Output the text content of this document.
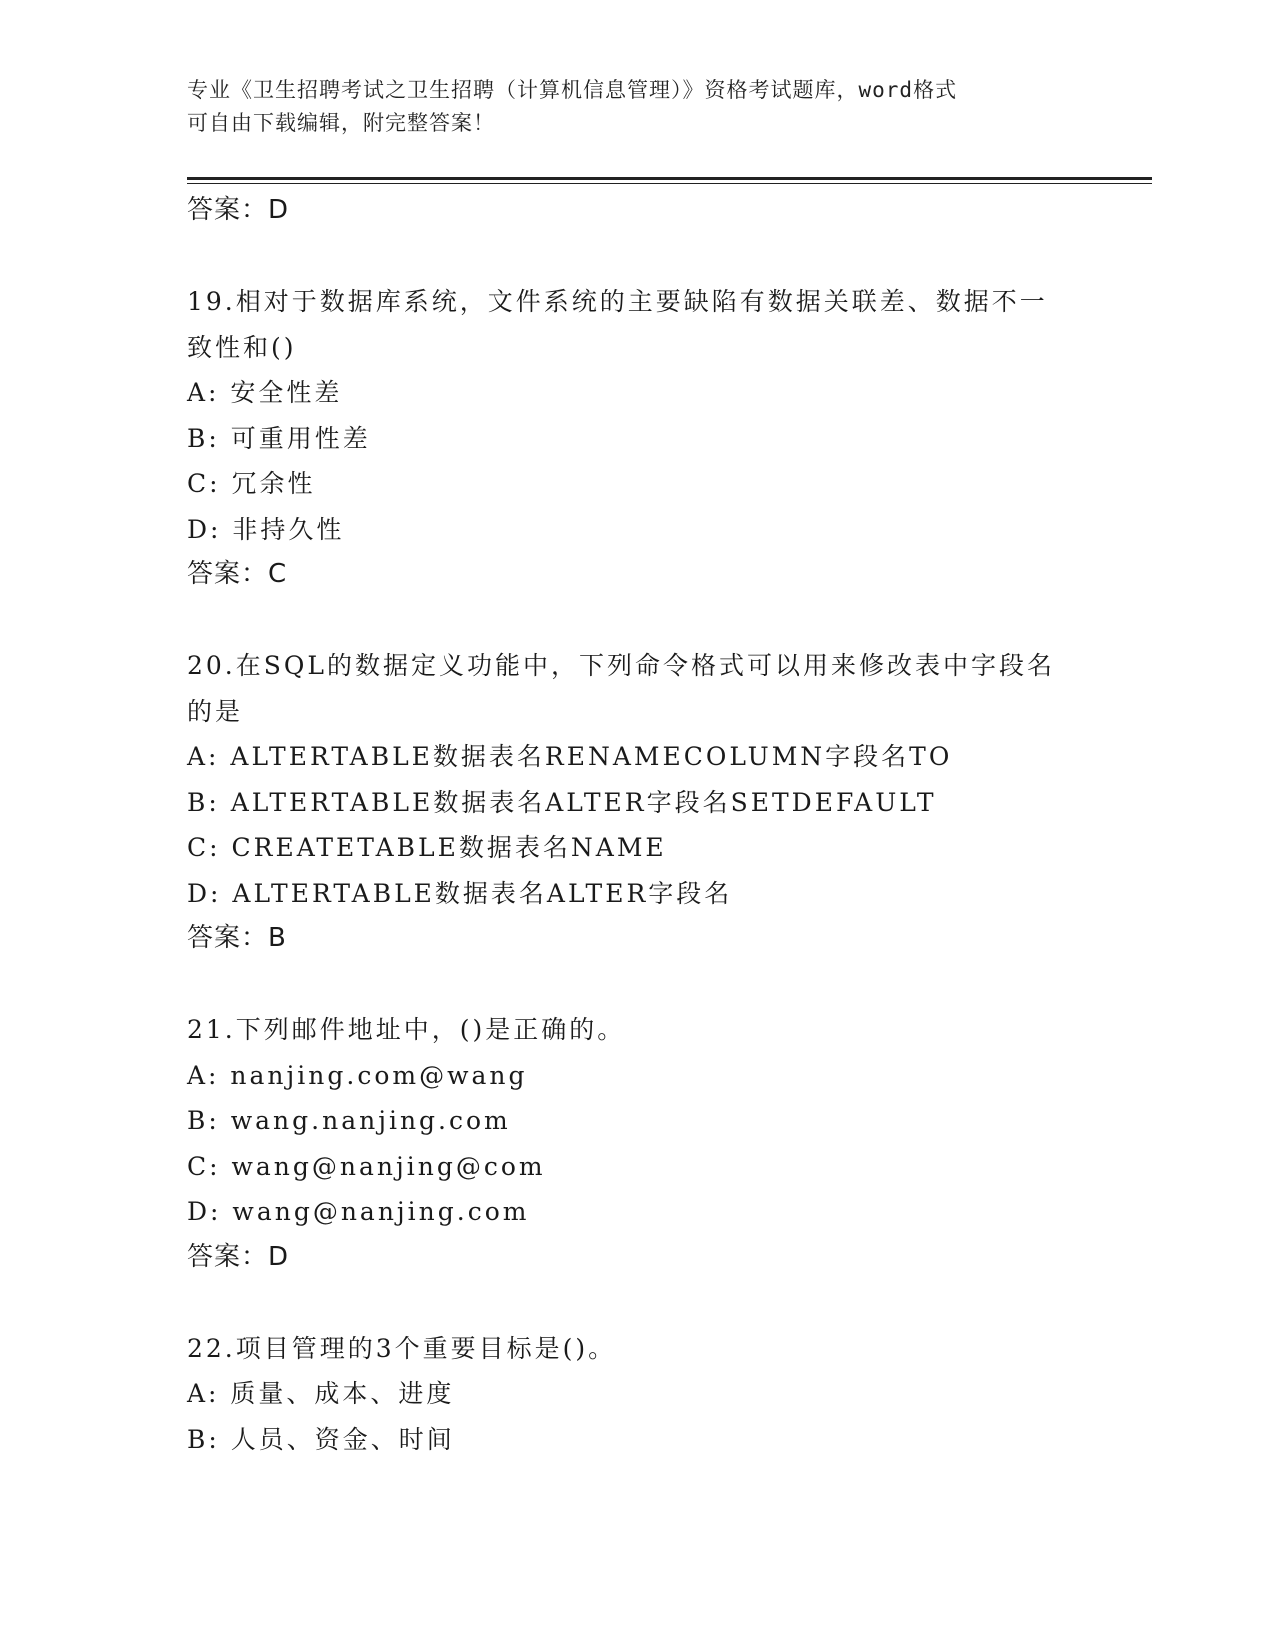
专业《卫生招聘考试之卫生招聘（计算机信息管理）》资格考试题库，word格式
可自由下载编辑，附完整答案！

答案：D

19.相对于数据库系统，文件系统的主要缺陷有数据关联差、数据不一

致性和()

A: 安全性差

B: 可重用性差

C: 冗余性

D: 非持久性

答案：C

20.在SQL的数据定义功能中，下列命令格式可以用来修改表中字段名

的是

A: ALTERTABLE数据表名RENAMECOLUMN字段名TO

B: ALTERTABLE数据表名ALTER字段名SETDEFAULT

C: CREATETABLE数据表名NAME

D: ALTERTABLE数据表名ALTER字段名

答案：B

21.下列邮件地址中，()是正确的。

A: nanjing.com@wang

B: wang.nanjing.com

C: wang@nanjing@com

D: wang@nanjing.com

答案：D

22.项目管理的3个重要目标是()。

A: 质量、成本、进度

B: 人员、资金、时间
